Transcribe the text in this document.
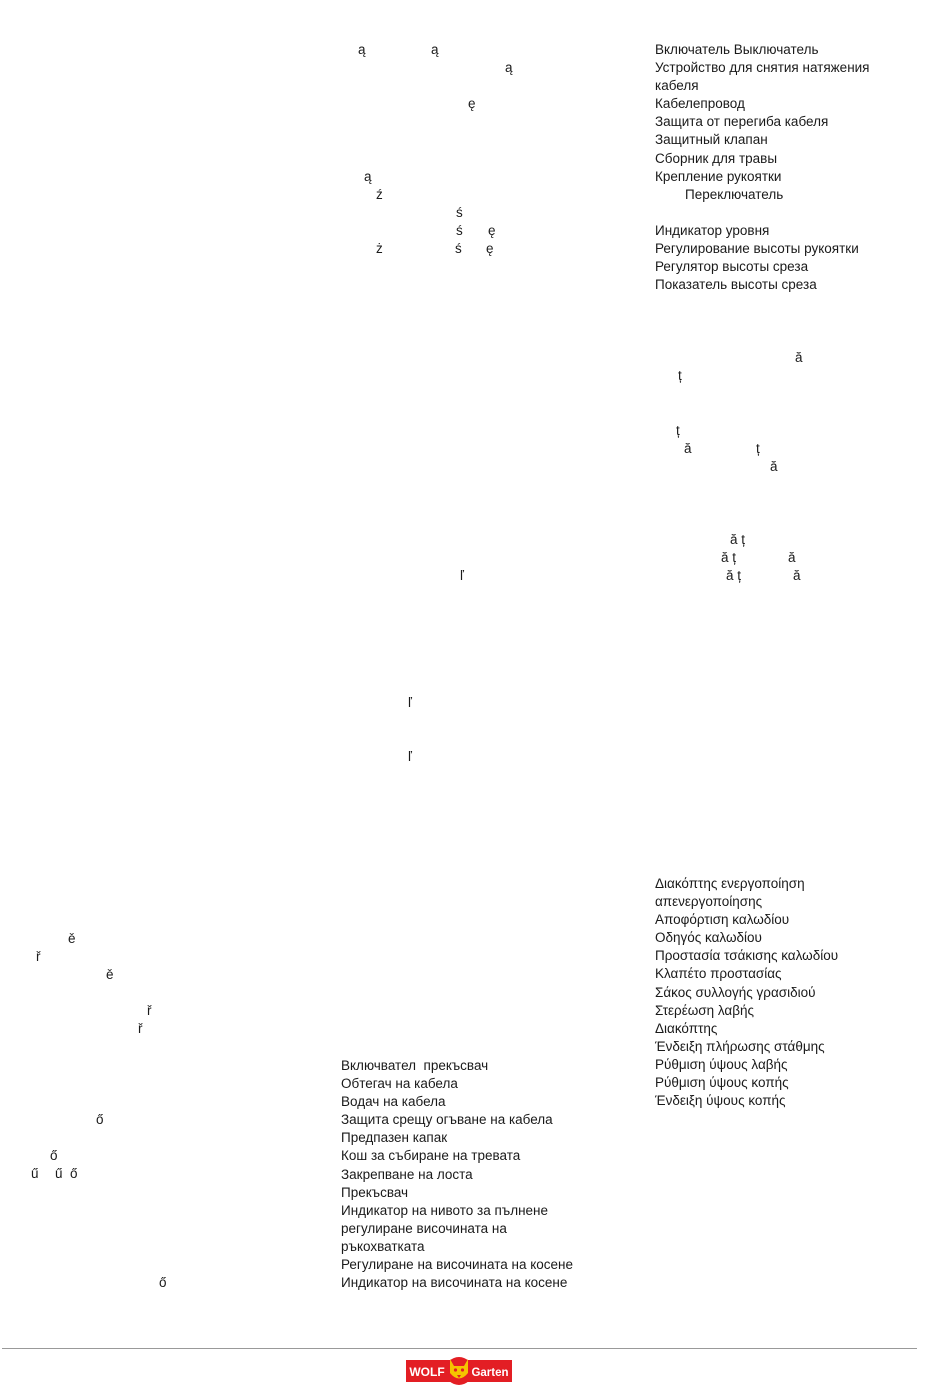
Включатель Выключатель
Устройство для снятия натяжения
кабеля
Кабелепровод
Защита от перегиба кабеля
Защитный клапан
Сборник для травы
Крепление рукоятки
Переключатель

Индикатор уровня
Регулирование высоты рукоятки
Регулятор высоты среза
Показатель высоты среза
Διακόπτης ενεργοποίηση
απενεργοποίησης
Αποφόρτιση καλωδίου
Οδηγός καλωδίου
Προστασία τσάκισης καλωδίου
Κλαπέτο προστασίας
Σάκος συλλογής γρασιδιού
Στερέωση λαβής
Διακόπτης
Ένδειξη πλήρωσης στάθμης
Ρύθμιση ύψους λαβής
Ρύθμιση ύψους κοπής
Ένδειξη ύψους κοπής
Включвател  прекъсвач
Обтегач на кабела
Водач на кабела
Защита срещу огъване на кабела
Предпазен капак
Кош за събиране на тревата
Закрепване на лоста
Прекъсвач
Индикатор на нивото за пълнене
регулиране височината на
ръкохватката
Регулиране на височината на косене
Индикатор на височината на косене
ą	ą
ą
ę
ą
ź
ś
ś ę
ż	ś ę
ă
ț
ț
ă	ț
ă
ă ț
ă ț	ă
ă ț	ă
ľ
ľ
ľ
ě
ř
ě
ř
ř
ő
ő
ű ű ő
ő
WOLF Garten
